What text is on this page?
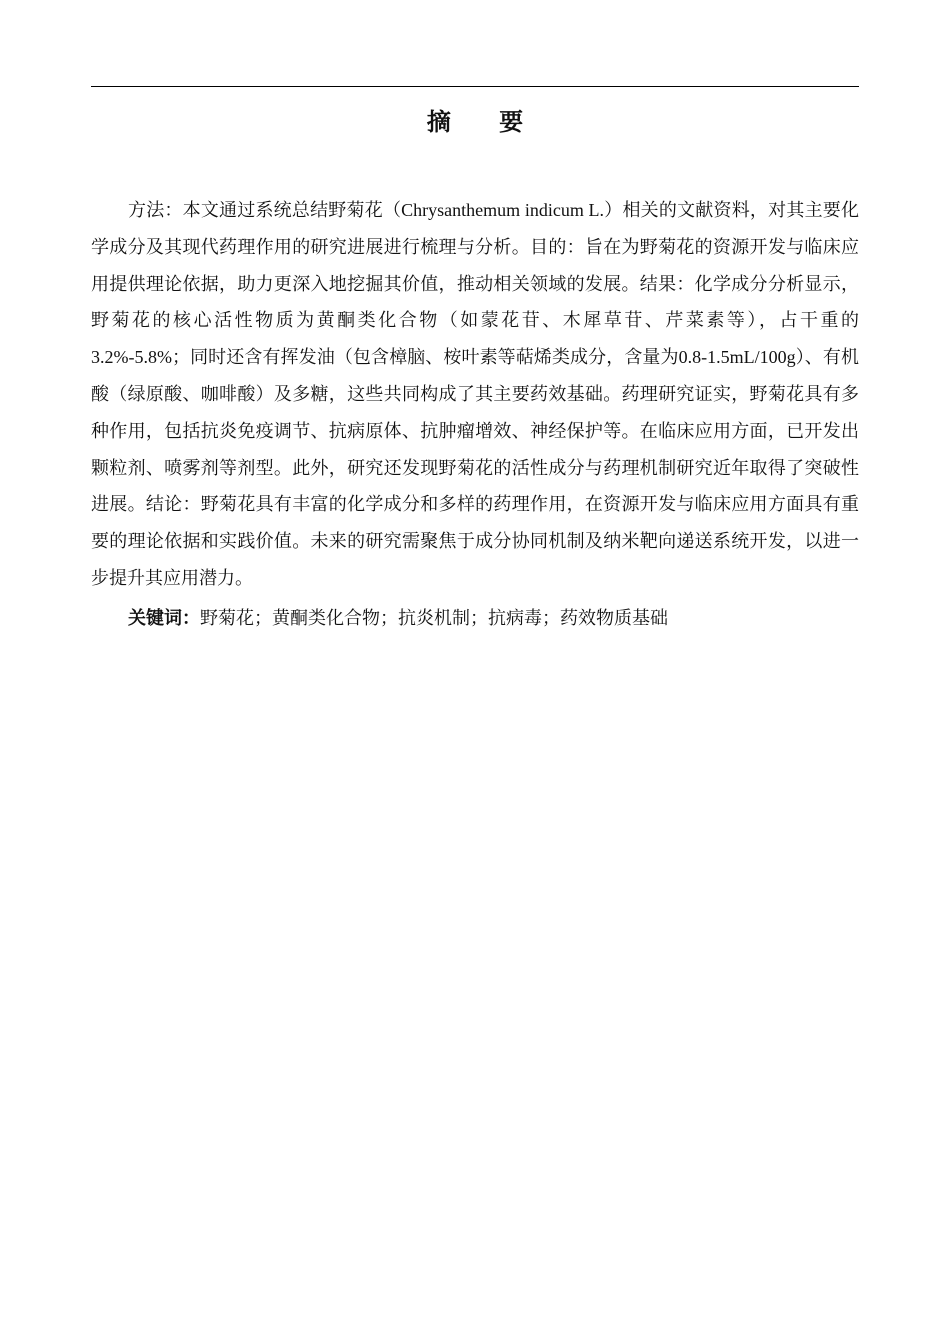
摘 要

方法：本文通过系统总结野菊花（Chrysanthemum indicum L.）相关的文献资料，对其主要化学成分及其现代药理作用的研究进展进行梳理与分析。目的：旨在为野菊花的资源开发与临床应用提供理论依据，助力更深入地挖掘其价值，推动相关领域的发展。结果：化学成分分析显示，野菊花的核心活性物质为黄酮类化合物（如蒙花苷、木犀草苷、芹菜素等），占干重的3.2%-5.8%；同时还含有挥发油（包含樟脑、桉叶素等萜烯类成分，含量为0.8-1.5mL/100g）、有机酸（绿原酸、咖啡酸）及多糖，这些共同构成了其主要药效基础。药理研究证实，野菊花具有多种作用，包括抗炎免疫调节、抗病原体、抗肿瘤增效、神经保护等。在临床应用方面，已开发出颗粒剂、喷雾剂等剂型。此外，研究还发现野菊花的活性成分与药理机制研究近年取得了突破性进展。结论：野菊花具有丰富的化学成分和多样的药理作用，在资源开发与临床应用方面具有重要的理论依据和实践价值。未来的研究需聚焦于成分协同机制及纳米靶向递送系统开发，以进一步提升其应用潜力。

关键词：野菊花；黄酮类化合物；抗炎机制；抗病毒；药效物质基础
